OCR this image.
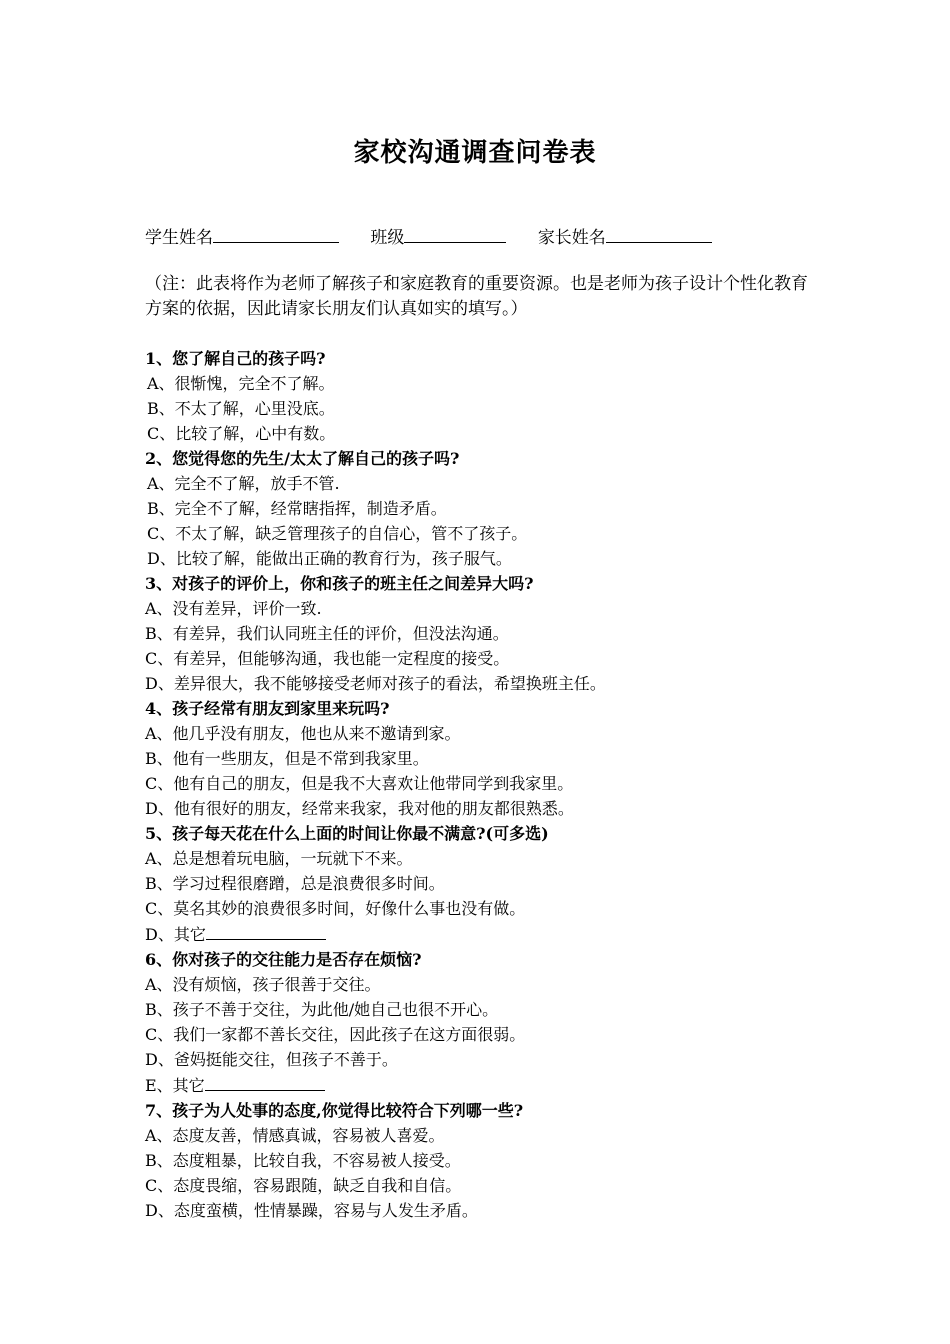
家校沟通调查问卷表
学生姓名	班级	家长姓名
（注：此表将作为老师了解孩子和家庭教育的重要资源。也是老师为孩子设计个性化教育方案的依据，因此请家长朋友们认真如实的填写。）
1、您了解自己的孩子吗?
A、很惭愧，完全不了解。
B、不太了解，心里没底。
C、比较了解，心中有数。
2、您觉得您的先生/太太了解自己的孩子吗?
A、完全不了解，放手不管.
B、完全不了解，经常瞎指挥，制造矛盾。
C、不太了解，缺乏管理孩子的自信心，管不了孩子。
D、比较了解，能做出正确的教育行为，孩子服气。
3、对孩子的评价上，你和孩子的班主任之间差异大吗?
A、没有差异，评价一致.
B、有差异，我们认同班主任的评价，但没法沟通。
C、有差异，但能够沟通，我也能一定程度的接受。
D、差异很大，我不能够接受老师对孩子的看法，希望换班主任。
4、孩子经常有朋友到家里来玩吗?
A、他几乎没有朋友，他也从来不邀请到家。
B、他有一些朋友，但是不常到我家里。
C、他有自己的朋友，但是我不大喜欢让他带同学到我家里。
D、他有很好的朋友，经常来我家，我对他的朋友都很熟悉。
5、孩子每天花在什么上面的时间让你最不满意?(可多选)
A、总是想着玩电脑，一玩就下不来。
B、学习过程很磨蹭，总是浪费很多时间。
C、莫名其妙的浪费很多时间，好像什么事也没有做。
D、其它
6、你对孩子的交往能力是否存在烦恼?
A、没有烦恼，孩子很善于交往。
B、孩子不善于交往，为此他/她自己也很不开心。
C、我们一家都不善长交往，因此孩子在这方面很弱。
D、爸妈挺能交往，但孩子不善于。
E、其它
7、孩子为人处事的态度,你觉得比较符合下列哪一些?
A、态度友善，情感真诚，容易被人喜爱。
B、态度粗暴，比较自我，不容易被人接受。
C、态度畏缩，容易跟随，缺乏自我和自信。
D、态度蛮横，性情暴躁，容易与人发生矛盾。
